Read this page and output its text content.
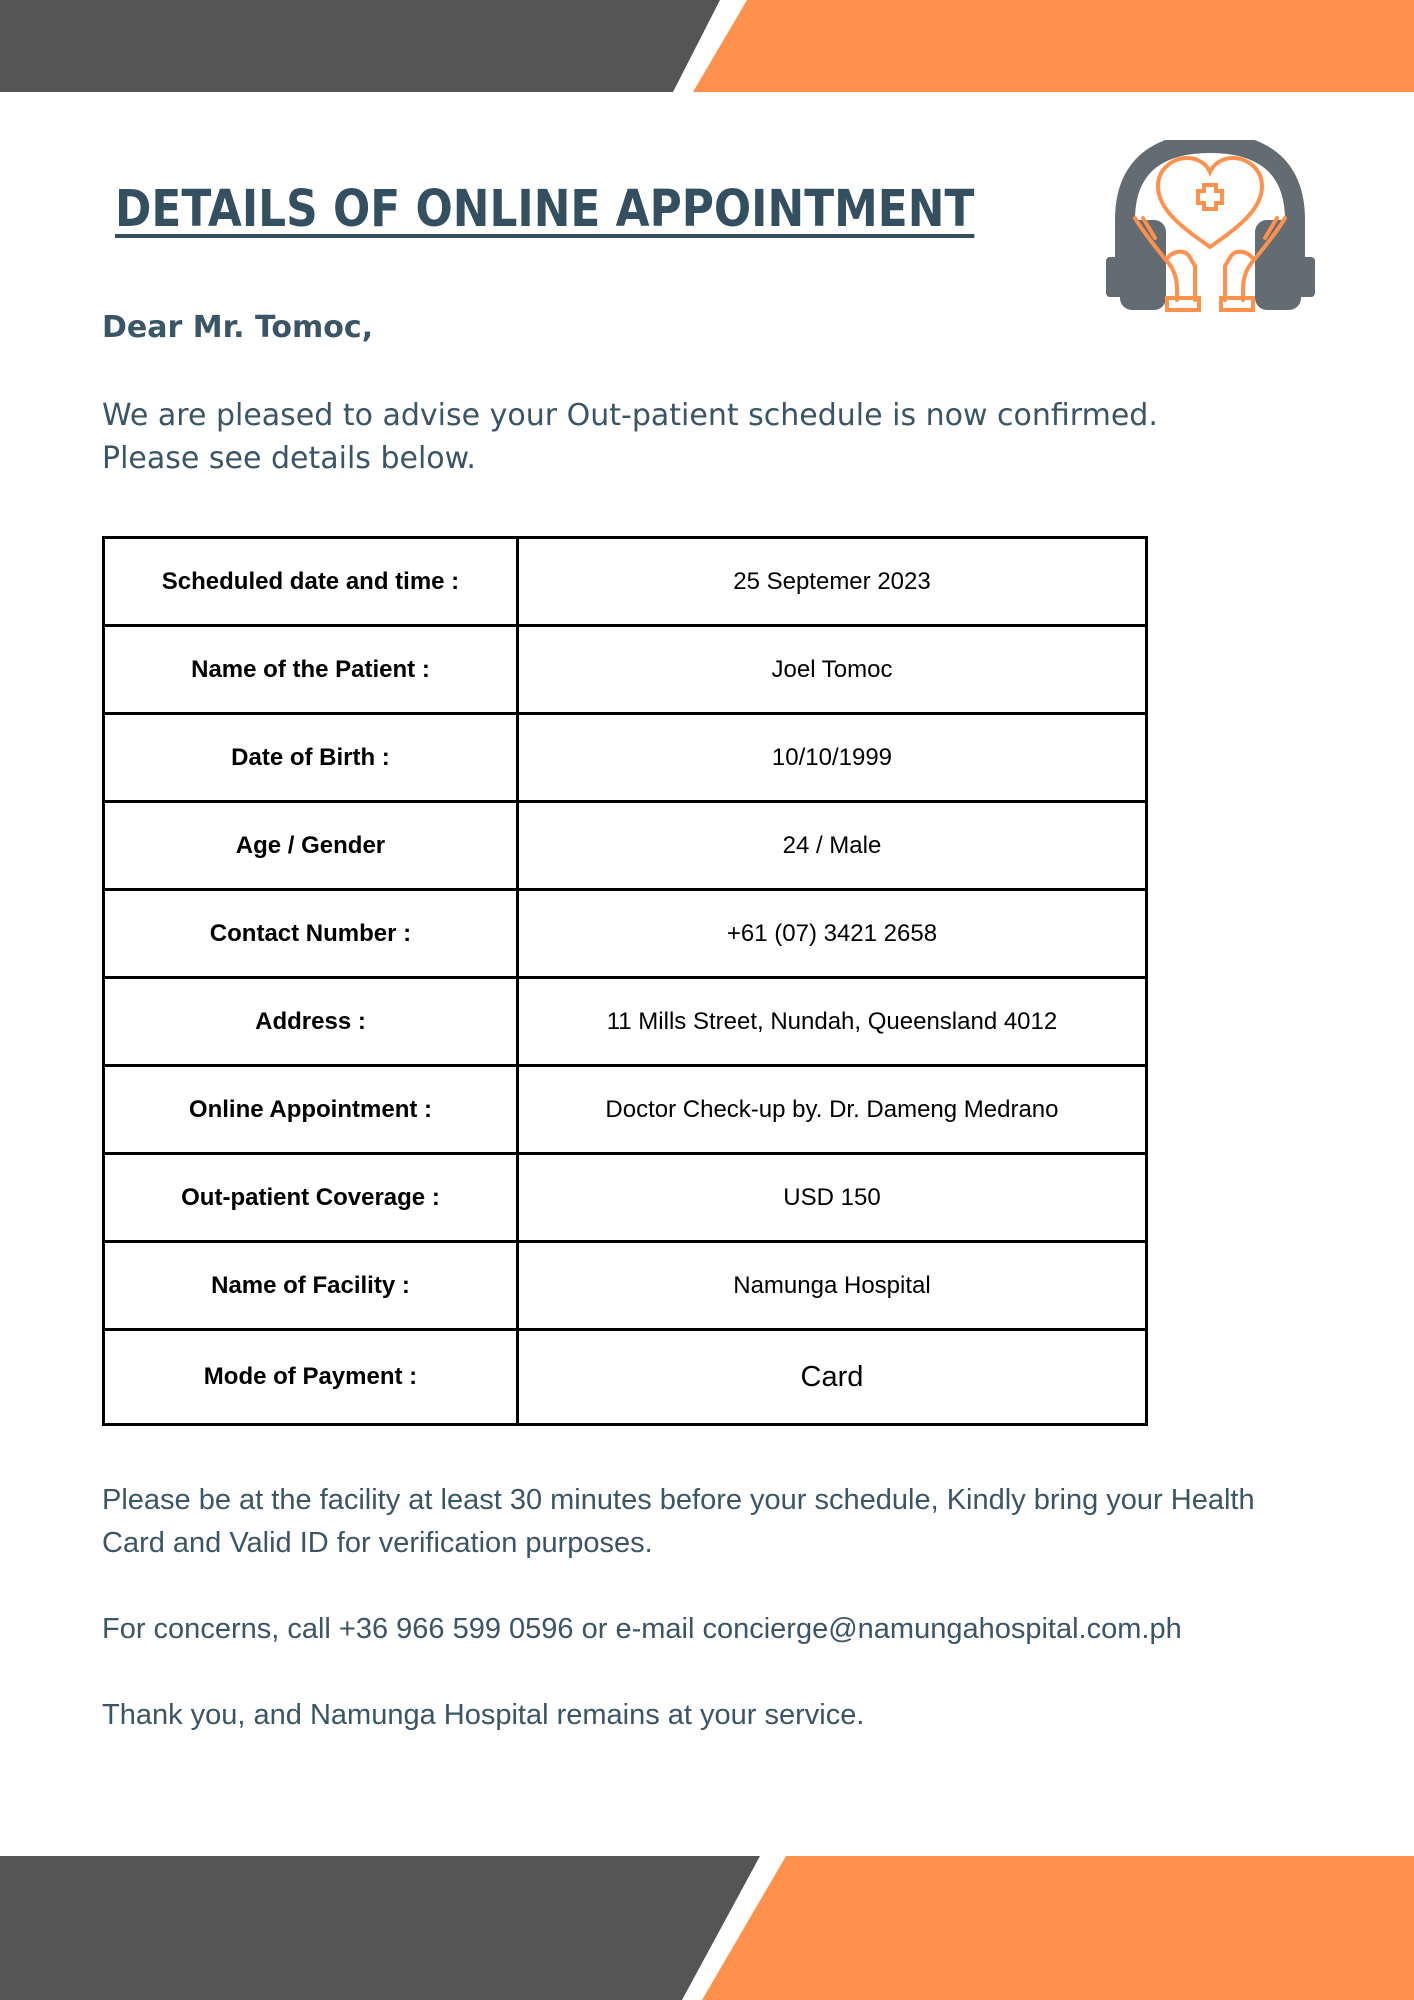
DETAILS OF ONLINE APPOINTMENT
Dear Mr. Tomoc,
We are pleased to advise your Out-patient schedule is now confirmed. Please see details below.
Scheduled date and time :	25 Septemer 2023
Name of the Patient :	Joel Tomoc
Date of Birth :	10/10/1999
Age / Gender	24 / Male
Contact Number :	+61 (07) 3421 2658
Address :	11 Mills Street, Nundah, Queensland 4012
Online Appointment :	Doctor Check-up by. Dr. Dameng Medrano
Out-patient Coverage :	USD 150
Name of Facility :	Namunga Hospital
Mode of Payment :	Card
Please be at the facility at least 30 minutes before your schedule, Kindly bring your Health Card and Valid ID for verification purposes.
For concerns, call +36 966 599 0596 or e-mail concierge@namungahospital.com.ph
Thank you, and Namunga Hospital remains at your service.
